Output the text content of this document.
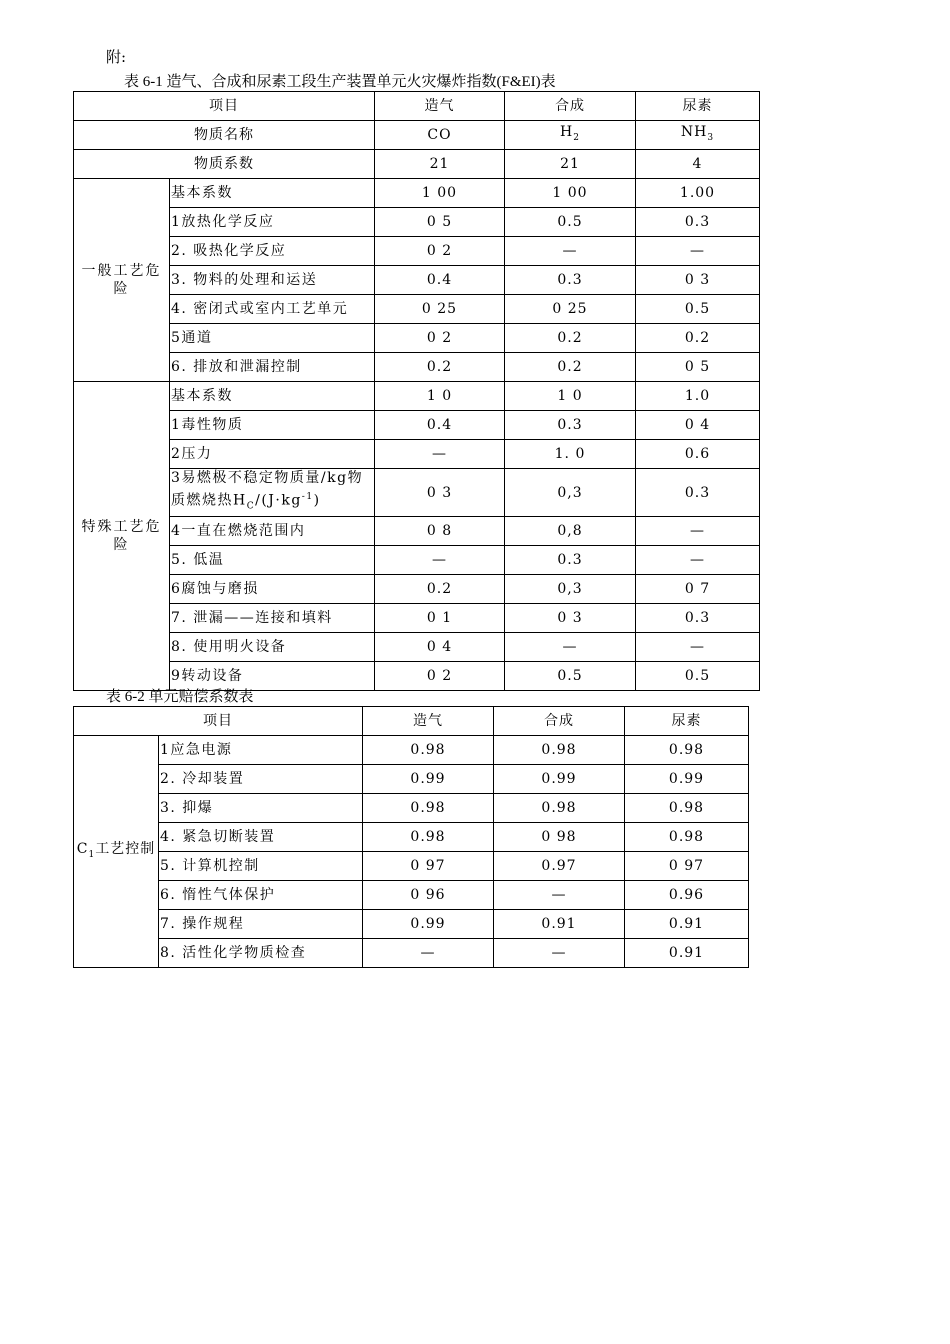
附:
表 6-1 造气、合成和尿素工段生产装置单元火灾爆炸指数(F&EI)表
项目		造气	合成	尿素
物质名称		CO	$H_2$	$NH_3$
物质系数		21	21	4
一般工艺危险	基本系数	1 00	1 00	1.00
	1放热化学反应	0 5	0.5	0.3
	2. 吸热化学反应	0 2	—	—
	3. 物料的处理和运送	0.4	0.3	0 3
	4. 密闭式或室内工艺单元	0 25	0 25	0.5
	5通道	0 2	0.2	0.2
	6. 排放和泄漏控制	0.2	0.2	0 5
特殊工艺危险	基本系数	1 0	1 0	1.0
	1毒性物质	0.4	0.3	0 4
	2压力	—	1. 0	0.6
	3易燃极不稳定物质量/kg物质燃烧热$H_C/(J\cdot kg^{-1})$	0 3	0,3	0.3
	4一直在燃烧范围内	0 8	0,8	—
	5. 低温	—	0.3	—
	6腐蚀与磨损	0.2	0,3	0 7
	7. 泄漏——连接和填料	0 1	0 3	0.3
	8. 使用明火设备	0 4	—	—
	9转动设备	0 2	0.5	0.5
表 6-2 单元赔偿系数表
项目		造气	合成	尿素
$C_1$工艺控制	1应急电源	0.98	0.98	0.98
	2. 冷却装置	0.99	0.99	0.99
	3. 抑爆	0.98	0.98	0.98
	4. 紧急切断装置	0.98	0 98	0.98
	5. 计算机控制	0 97	0.97	0 97
	6. 惰性气体保护	0 96	—	0.96
	7. 操作规程	0.99	0.91	0.91
	8. 活性化学物质检查	—	—	0.91
